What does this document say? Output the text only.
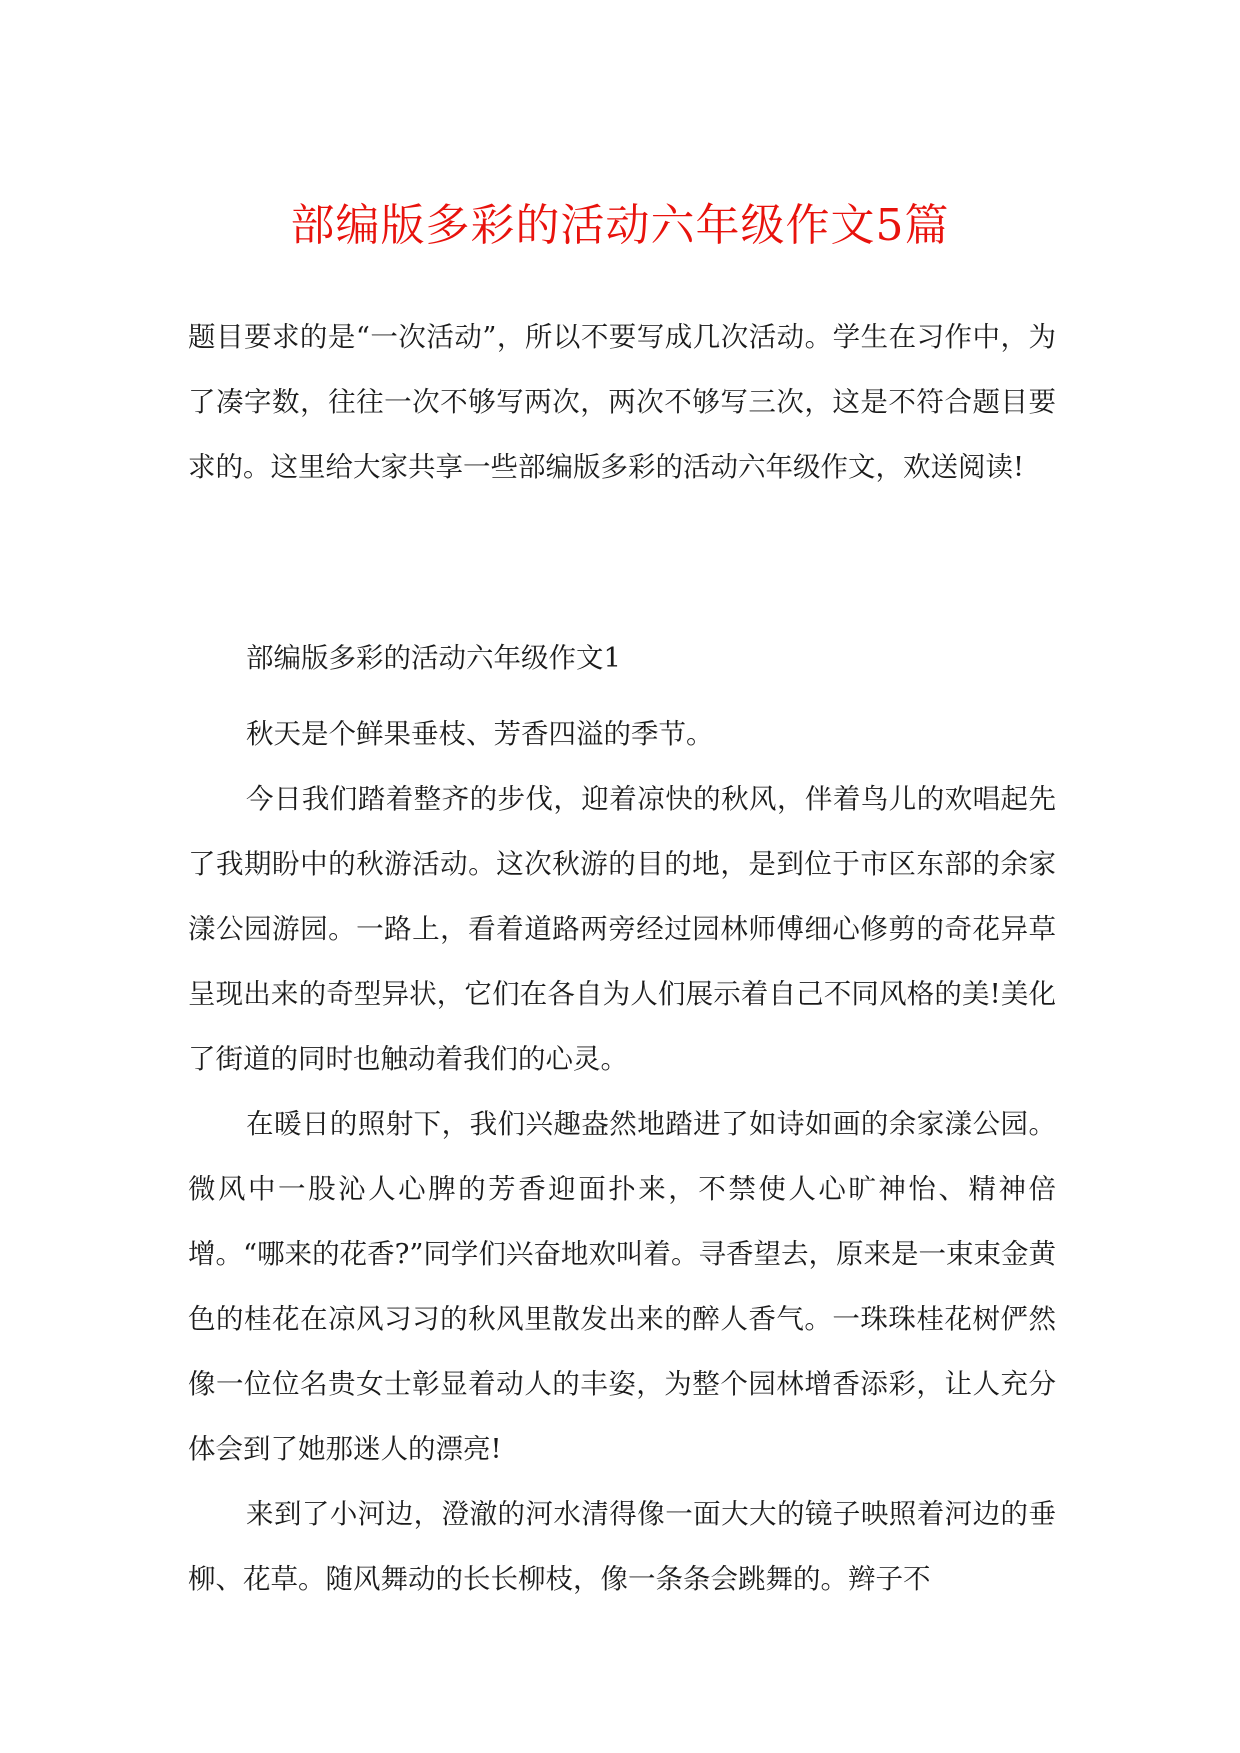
部编版多彩的活动六年级作文5篇

题目要求的是“一次活动”，所以不要写成几次活动。学生在习作中，为了凑字数，往往一次不够写两次，两次不够写三次，这是不符合题目要求的。这里给大家共享一些部编版多彩的活动六年级作文，欢送阅读!

部编版多彩的活动六年级作文1

秋天是个鲜果垂枝、芳香四溢的季节。

今日我们踏着整齐的步伐，迎着凉快的秋风，伴着鸟儿的欢唱起先了我期盼中的秋游活动。这次秋游的目的地，是到位于市区东部的余家漾公园游园。一路上，看着道路两旁经过园林师傅细心修剪的奇花异草呈现出来的奇型异状，它们在各自为人们展示着自己不同风格的美!美化了街道的同时也触动着我们的心灵。

在暖日的照射下，我们兴趣盎然地踏进了如诗如画的余家漾公园。微风中一股沁人心脾的芳香迎面扑来，不禁使人心旷神怡、精神倍增。“哪来的花香?”同学们兴奋地欢叫着。寻香望去，原来是一束束金黄色的桂花在凉风习习的秋风里散发出来的醉人香气。一珠珠桂花树俨然像一位位名贵女士彰显着动人的丰姿，为整个园林增香添彩，让人充分体会到了她那迷人的漂亮!

来到了小河边，澄澈的河水清得像一面大大的镜子映照着河边的垂柳、花草。随风舞动的长长柳枝，像一条条会跳舞的。辫子不
